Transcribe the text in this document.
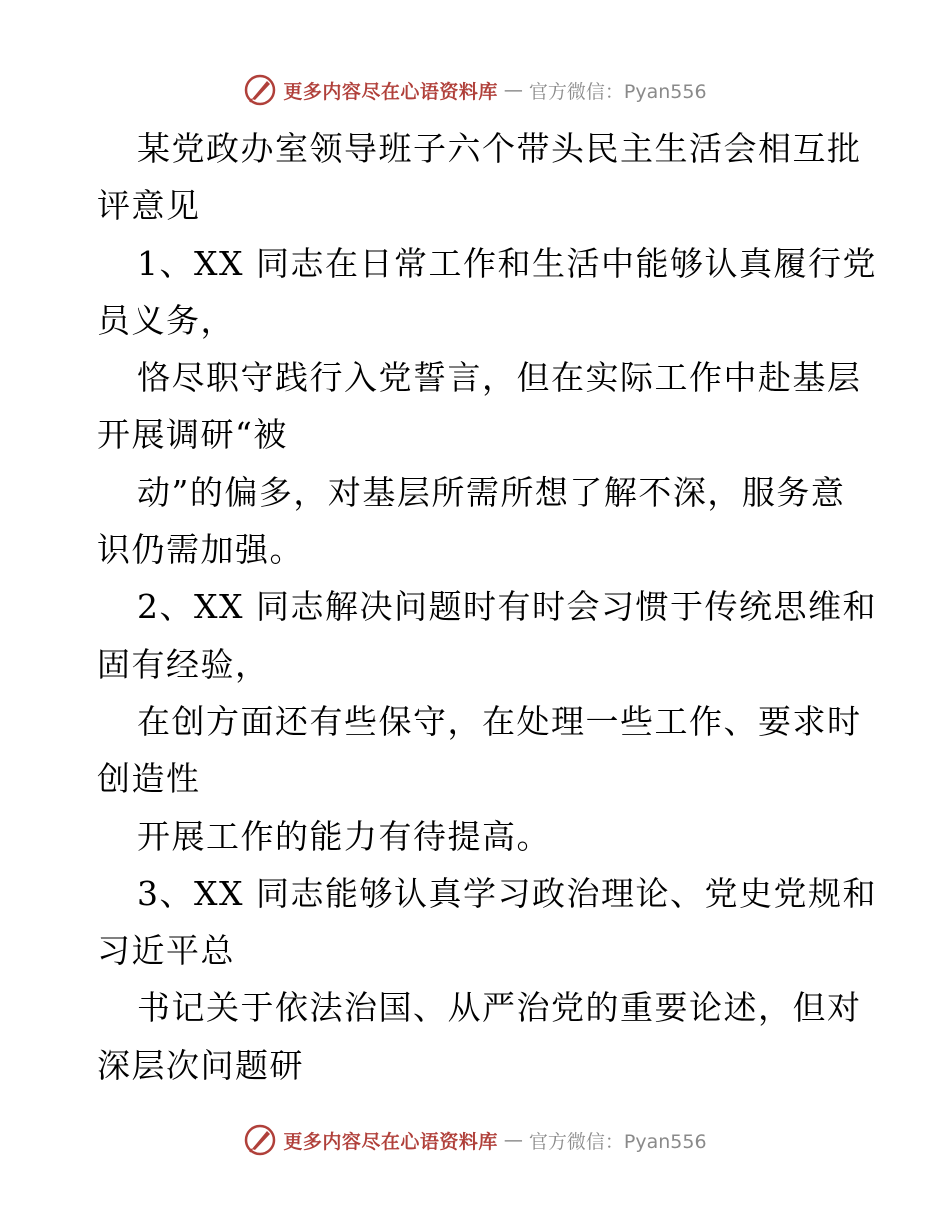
更多内容尽在心语资料库 — 官方微信：Pyan556
某党政办室领导班子六个带头民主生活会相互批
评意见
1、XX 同志在日常工作和生活中能够认真履行党
员义务，
恪尽职守践行入党誓言，但在实际工作中赴基层
开展调研“被
动”的偏多，对基层所需所想了解不深，服务意
识仍需加强。
2、XX 同志解决问题时有时会习惯于传统思维和
固有经验，
在创方面还有些保守，在处理一些工作、要求时
创造性
开展工作的能力有待提高。
3、XX 同志能够认真学习政治理论、党史党规和
习近平总
书记关于依法治国、从严治党的重要论述，但对
深层次问题研
更多内容尽在心语资料库 — 官方微信：Pyan556
